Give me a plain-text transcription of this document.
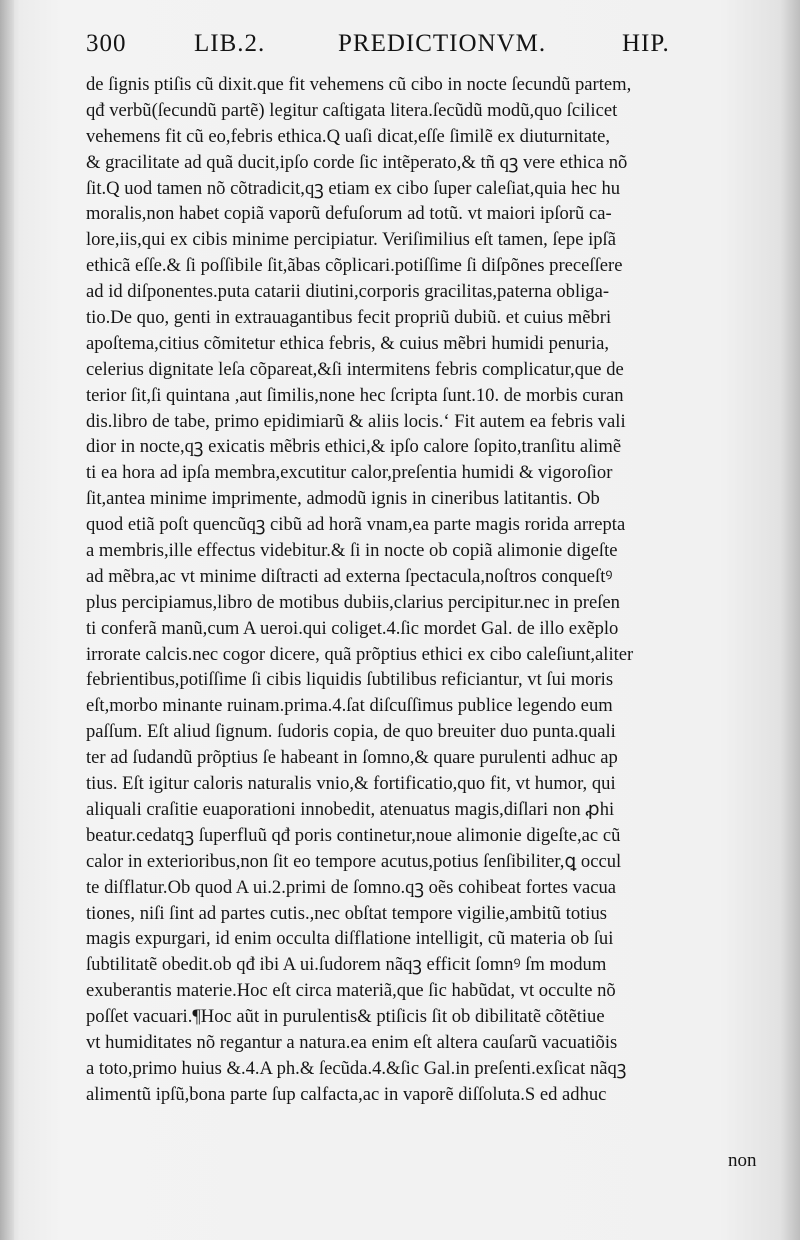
300	LIB.2.	PREDICTIONVM.	HIP.
de ſignis ptiſis cũ dixit.que fit vehemens cũ cibo in nocte ſecundũ partem,
qđ verbũ(ſecundũ partẽ) legitur caſtigata litera.ſecũdũ modũ,quo ſcilicet
vehemens fit cũ eo,febris ethica.Q uaſi dicat,eſſe ſimilẽ ex diuturnitate,
& gracilitate ad quã ducit,ipſo corde ſic intẽperato,& tñ qꝫ vere ethica nõ
ſit.Q uod tamen nõ cõtradicit,qꝫ etiam ex cibo ſuper caleſiat,quia hec hu
moralis,non habet copiã vaporũ defuſorum ad totũ. vt maiori ipſorũ ca-
lore,iis,qui ex cibis minime percipiatur. Veriſimilius eſt tamen, ſepe ipſã
ethicã eſſe.& ſi poſſibile ſit,ãbas cõplicari.potiſſime ſi diſpõnes preceſſere
ad id diſponentes.puta catarii diutini,corporis gracilitas,paterna obliga-
tio.De quo, genti in extrauagantibus fecit propriũ dubiũ. et cuius mẽbri
apoſtema,citius cõmitetur ethica febris, & cuius mẽbri humidi penuria,
celerius dignitate leſa cõpareat,&ſi intermitens febris complicatur,que de
terior ſit,ſi quintana ,aut ſimilis,none hec ſcripta ſunt.10. de morbis curan
dis.libro de tabe, primo epidimiarũ & aliis locis.‘ Fit autem ea febris vali
dior in nocte,qꝫ exicatis mẽbris ethici,& ipſo calore ſopito,tranſitu alimẽ
ti ea hora ad ipſa membra,excutitur calor,preſentia humidi & vigoroſior
ſit,antea minime imprimente, admodũ ignis in cineribus latitantis. Ob
quod etiã poſt quencũqꝫ cibũ ad horã vnam,ea parte magis rorida arrepta
a membris,ille effectus videbitur.& ſi in nocte ob copiã alimonie digeſte
ad mẽbra,ac vt minime diſtracti ad externa ſpectacula,noſtros conqueſtꝰ
plus percipiamus,libro de motibus dubiis,clarius percipitur.nec in preſen
ti conferã manũ,cum A ueroi.qui coliget.4.ſic mordet Gal. de illo exẽplo
irrorate calcis.nec cogor dicere, quã prõptius ethici ex cibo caleſiunt,aliter
febrientibus,potiſſime ſi cibis liquidis ſubtilibus reficiantur, vt ſui moris
eſt,morbo minante ruinam.prima.4.ſat diſcuſſimus publice legendo eum
paſſum. Eſt aliud ſignum. ſudoris copia, de quo breuiter duo punta.quali
ter ad ſudandũ prõptius ſe habeant in ſomno,& quare purulenti adhuc ap
tius. Eſt igitur caloris naturalis vnio,& fortificatio,quo fit, vt humor, qui
aliquali craſitie euaporationi innobedit, atenuatus magis,diſlari non ꝓhi
beatur.cedatqꝫ ſuperfluũ qđ poris continetur,noue alimonie digeſte,ac cũ
calor in exterioribus,non ſit eo tempore acutus,potius ſenſibiliter,ꝗ occul
te diſflatur.Ob quod A ui.2.primi de ſomno.qꝫ oẽs cohibeat fortes vacua
tiones, niſi ſint ad partes cutis.,nec obſtat tempore vigilie,ambitũ totius
magis expurgari, id enim occulta diſflatione intelligit, cũ materia ob ſui
ſubtilitatẽ obedit.ob qđ ibi A ui.ſudorem nãqꝫ efficit ſomnꝰ ſm modum
exuberantis materie.Hoc eſt circa materiã,que ſic habũdat, vt occulte nõ
poſſet vacuari.¶Hoc aũt in purulentis& ptiſicis ſit ob dibilitatẽ cõtẽtiue
vt humiditates nõ regantur a natura.ea enim eſt altera cauſarũ vacuatiõis
a toto,primo huius &.4.A ph.& ſecũda.4.&ſic Gal.in preſenti.exſicat nãqꝫ
alimentũ ipſũ,bona parte ſup calfacta,ac in vaporẽ diſſoluta.S ed adhuc
non
